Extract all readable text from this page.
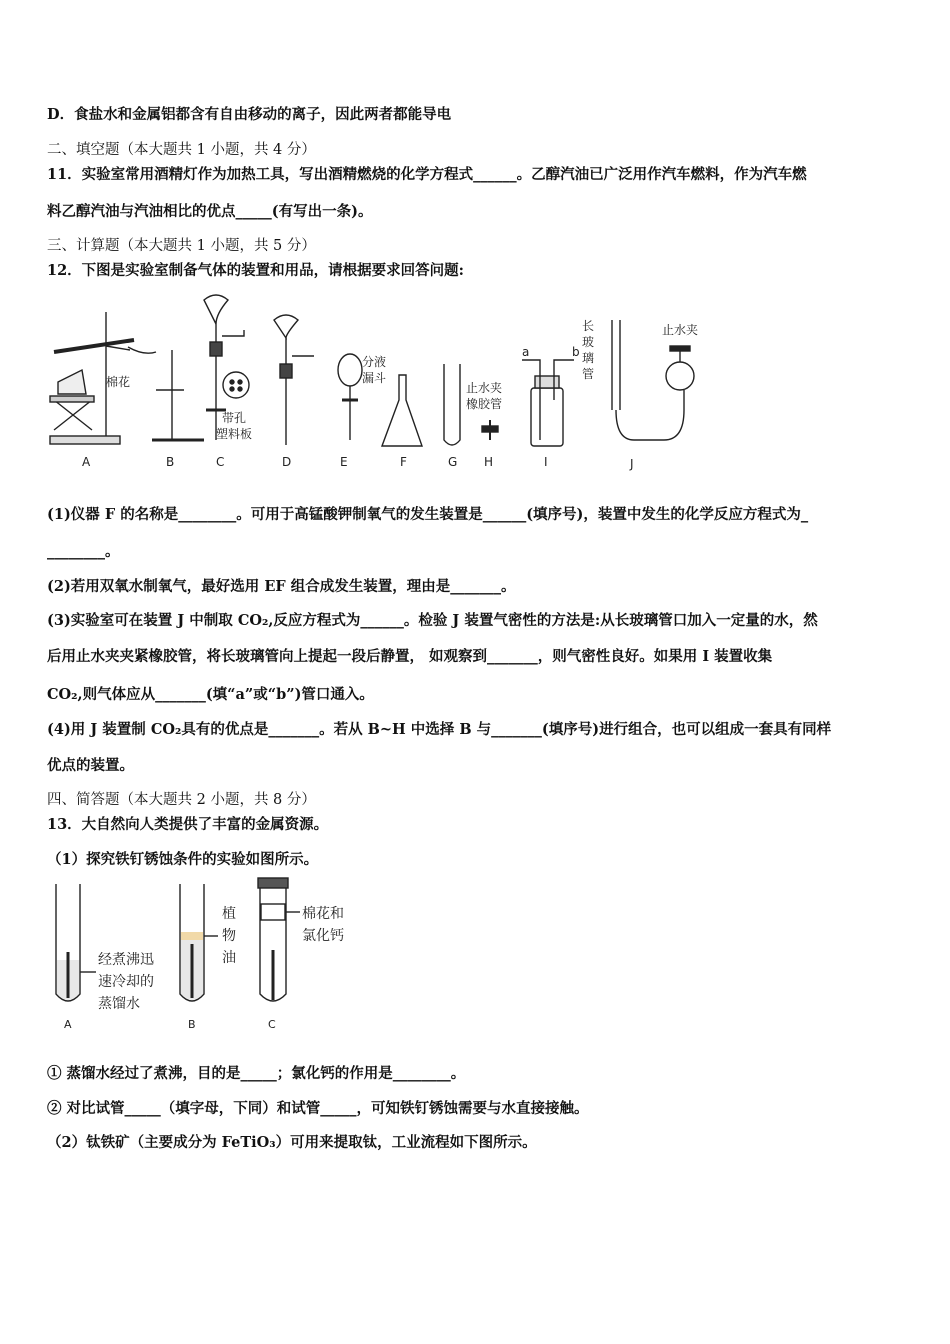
D．食盐水和金属铝都含有自由移动的离子，因此两者都能导电
二、填空题（本大题共 1 小题，共 4 分）
11．实验室常用酒精灯作为加热工具，写出酒精燃烧的化学方程式______。乙醇汽油已广泛用作汽车燃料，作为汽车燃
料乙醇汽油与汽油相比的优点_____(有写出一条)。
三、计算题（本大题共 1 小题，共 5 分）
12．下图是实验室制备气体的装置和用品，请根据要求回答问题:
棉花
带孔
塑料板
分液
漏斗
止水夹
橡胶管
a	b
长
玻
璃
管
止水夹
A	B	C	D	E	F	G H	I	J
(1)仪器 F 的名称是________。可用于高锰酸钾制氧气的发生装置是______(填序号)，装置中发生的化学反应方程式为_
________。
(2)若用双氧水制氧气，最好选用 EF 组合成发生装置，理由是_______。
(3)实验室可在装置 J 中制取 CO₂,反应方程式为______。检验 J 装置气密性的方法是:从长玻璃管口加入一定量的水，然
后用止水夹夹紧橡胶管，将长玻璃管向上提起一段后静置， 如观察到_______，则气密性良好。如果用 I 装置收集
CO₂,则气体应从_______(填“a”或“b”)管口通入。
(4)用 J 装置制 CO₂具有的优点是_______。若从 B~H 中选择 B 与_______(填序号)进行组合，也可以组成一套具有同样
优点的装置。
四、简答题（本大题共 2 小题，共 8 分）
13．大自然向人类提供了丰富的金属资源。
（1）探究铁钉锈蚀条件的实验如图所示。
经煮沸迅
速冷却的
蒸馏水
植
物
油
棉花和
氯化钙
A	B	C
① 蒸馏水经过了煮沸，目的是_____；氯化钙的作用是________。
② 对比试管_____（填字母，下同）和试管_____，可知铁钉锈蚀需要与水直接接触。
（2）钛铁矿（主要成分为 FeTiO₃）可用来提取钛，工业流程如下图所示。
